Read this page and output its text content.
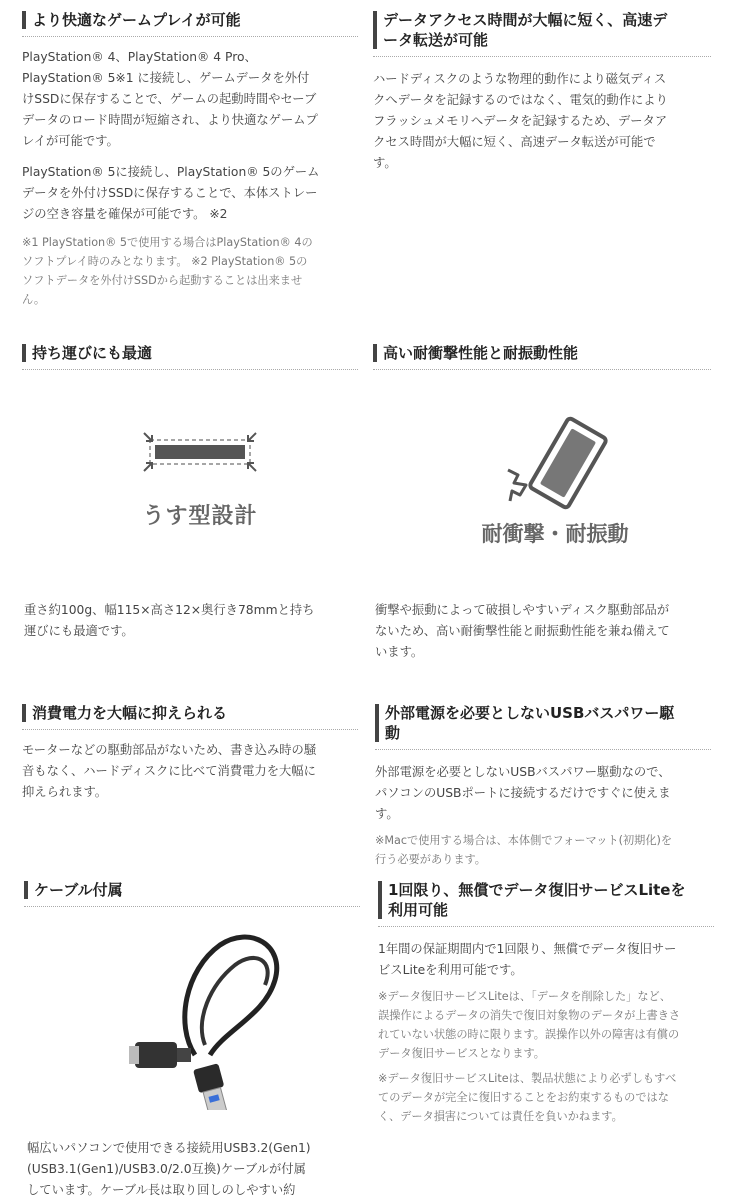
より快適なゲームプレイが可能

PlayStation® 4、PlayStation® 4 Pro、
PlayStation® 5※1 に接続し、ゲームデータを外付
けSSDに保存することで、ゲームの起動時間やセーブ
データのロード時間が短縮され、より快適なゲームプ
レイが可能です。

PlayStation® 5に接続し、PlayStation® 5のゲーム
データを外付けSSDに保存することで、本体ストレー
ジの空き容量を確保が可能です。 ※2

※1 PlayStation® 5で使用する場合はPlayStation® 4の
ソフトプレイ時のみとなります。 ※2 PlayStation® 5の
ソフトデータを外付けSSDから起動することは出来ませ
ん。

データアクセス時間が大幅に短く、高速デ
ータ転送が可能

ハードディスクのような物理的動作により磁気ディス
クへデータを記録するのではなく、電気的動作により
フラッシュメモリへデータを記録するため、データア
クセス時間が大幅に短く、高速データ転送が可能で
す。

持ち運びにも最適
うす型設計

重さ約100g、幅115×高さ12×奥行き78mmと持ち
運びにも最適です。

高い耐衝撃性能と耐振動性能
耐衝撃・耐振動

衝撃や振動によって破損しやすいディスク駆動部品が
ないため、高い耐衝撃性能と耐振動性能を兼ね備えて
います。

消費電力を大幅に抑えられる

モーターなどの駆動部品がないため、書き込み時の騒
音もなく、ハードディスクに比べて消費電力を大幅に
抑えられます。

外部電源を必要としないUSBバスパワー駆
動

外部電源を必要としないUSBバスパワー駆動なので、
パソコンのUSBポートに接続するだけですぐに使えま
す。

※Macで使用する場合は、本体側でフォーマット(初期化)を
行う必要があります。

ケーブル付属

幅広いパソコンで使用できる接続用USB3.2(Gen1)
(USB3.1(Gen1)/USB3.0/2.0互換)ケーブルが付属
しています。ケーブル長は取り回しのしやすい約

1回限り、無償でデータ復旧サービスLiteを
利用可能

1年間の保証期間内で1回限り、無償でデータ復旧サー
ビスLiteを利用可能です。

※データ復旧サービスLiteは、「データを削除した」など、
誤操作によるデータの消失で復旧対象物のデータが上書きさ
れていない状態の時に限ります。誤操作以外の障害は有償の
データ復旧サービスとなります。

※データ復旧サービスLiteは、製品状態により必ずしもすべ
てのデータが完全に復旧することをお約束するものではな
く、データ損害については責任を負いかねます。
